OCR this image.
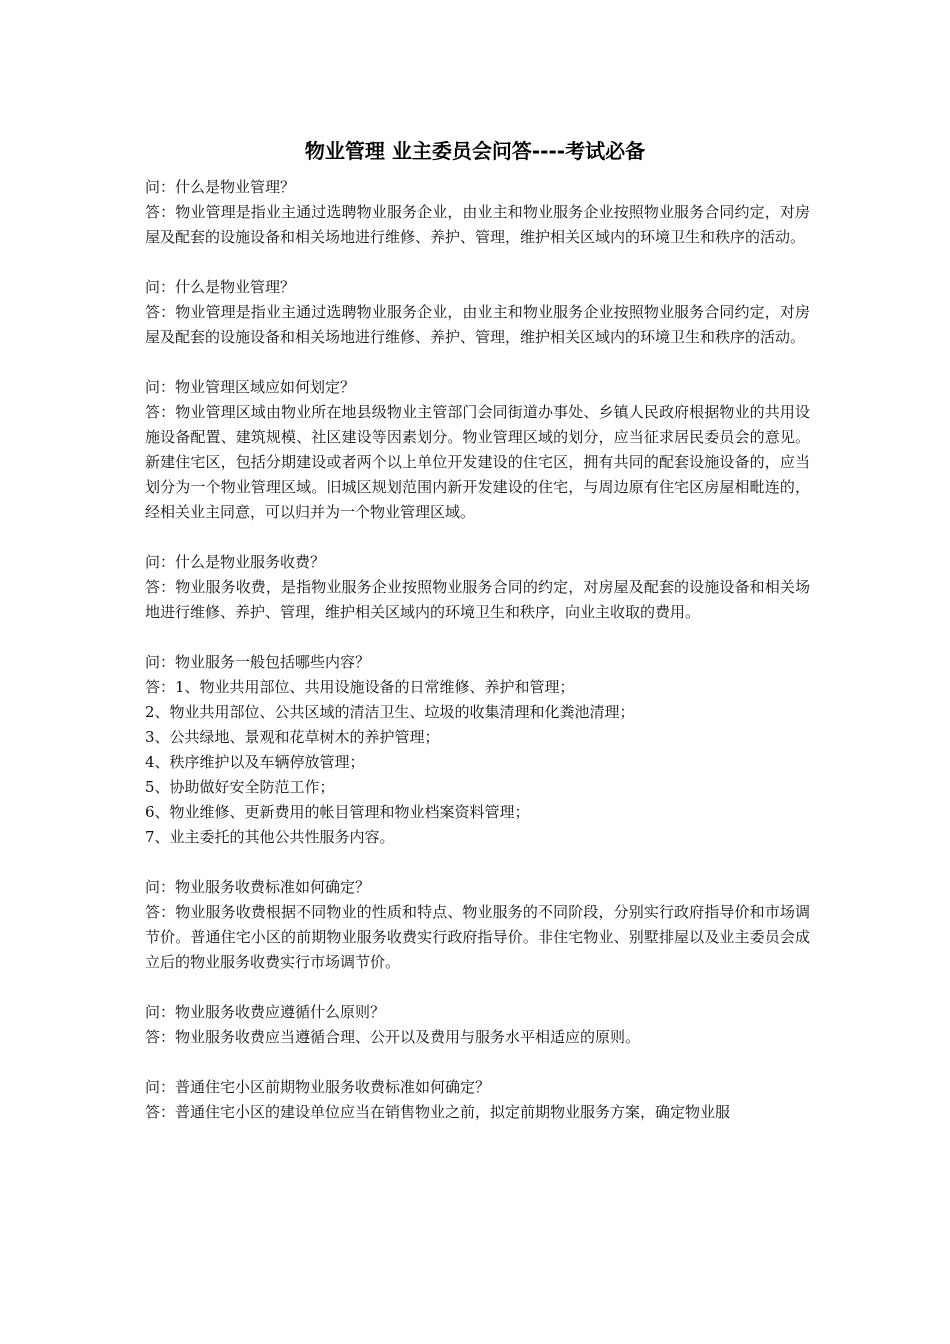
物业管理 业主委员会问答----考试必备
问：什么是物业管理？
答：物业管理是指业主通过选聘物业服务企业，由业主和物业服务企业按照物业服务合同约定，对房屋及配套的设施设备和相关场地进行维修、养护、管理，维护相关区域内的环境卫生和秩序的活动。
问：什么是物业管理？
答：物业管理是指业主通过选聘物业服务企业，由业主和物业服务企业按照物业服务合同约定，对房屋及配套的设施设备和相关场地进行维修、养护、管理，维护相关区域内的环境卫生和秩序的活动。
问：物业管理区域应如何划定？
答：物业管理区域由物业所在地县级物业主管部门会同街道办事处、乡镇人民政府根据物业的共用设施设备配置、建筑规模、社区建设等因素划分。物业管理区域的划分，应当征求居民委员会的意见。新建住宅区，包括分期建设或者两个以上单位开发建设的住宅区，拥有共同的配套设施设备的，应当划分为一个物业管理区域。旧城区规划范围内新开发建设的住宅，与周边原有住宅区房屋相毗连的，经相关业主同意，可以归并为一个物业管理区域。
问：什么是物业服务收费？
答：物业服务收费，是指物业服务企业按照物业服务合同的约定，对房屋及配套的设施设备和相关场地进行维修、养护、管理，维护相关区域内的环境卫生和秩序，向业主收取的费用。
问：物业服务一般包括哪些内容？
答：1、物业共用部位、共用设施设备的日常维修、养护和管理；
2、物业共用部位、公共区域的清洁卫生、垃圾的收集清理和化粪池清理；
3、公共绿地、景观和花草树木的养护管理；
4、秩序维护以及车辆停放管理；
5、协助做好安全防范工作；
6、物业维修、更新费用的帐目管理和物业档案资料管理；
7、业主委托的其他公共性服务内容。
问：物业服务收费标准如何确定？
答：物业服务收费根据不同物业的性质和特点、物业服务的不同阶段，分别实行政府指导价和市场调节价。普通住宅小区的前期物业服务收费实行政府指导价。非住宅物业、别墅排屋以及业主委员会成立后的物业服务收费实行市场调节价。
问：物业服务收费应遵循什么原则？
答：物业服务收费应当遵循合理、公开以及费用与服务水平相适应的原则。
问：普通住宅小区前期物业服务收费标准如何确定？
答：普通住宅小区的建设单位应当在销售物业之前，拟定前期物业服务方案，确定物业服
